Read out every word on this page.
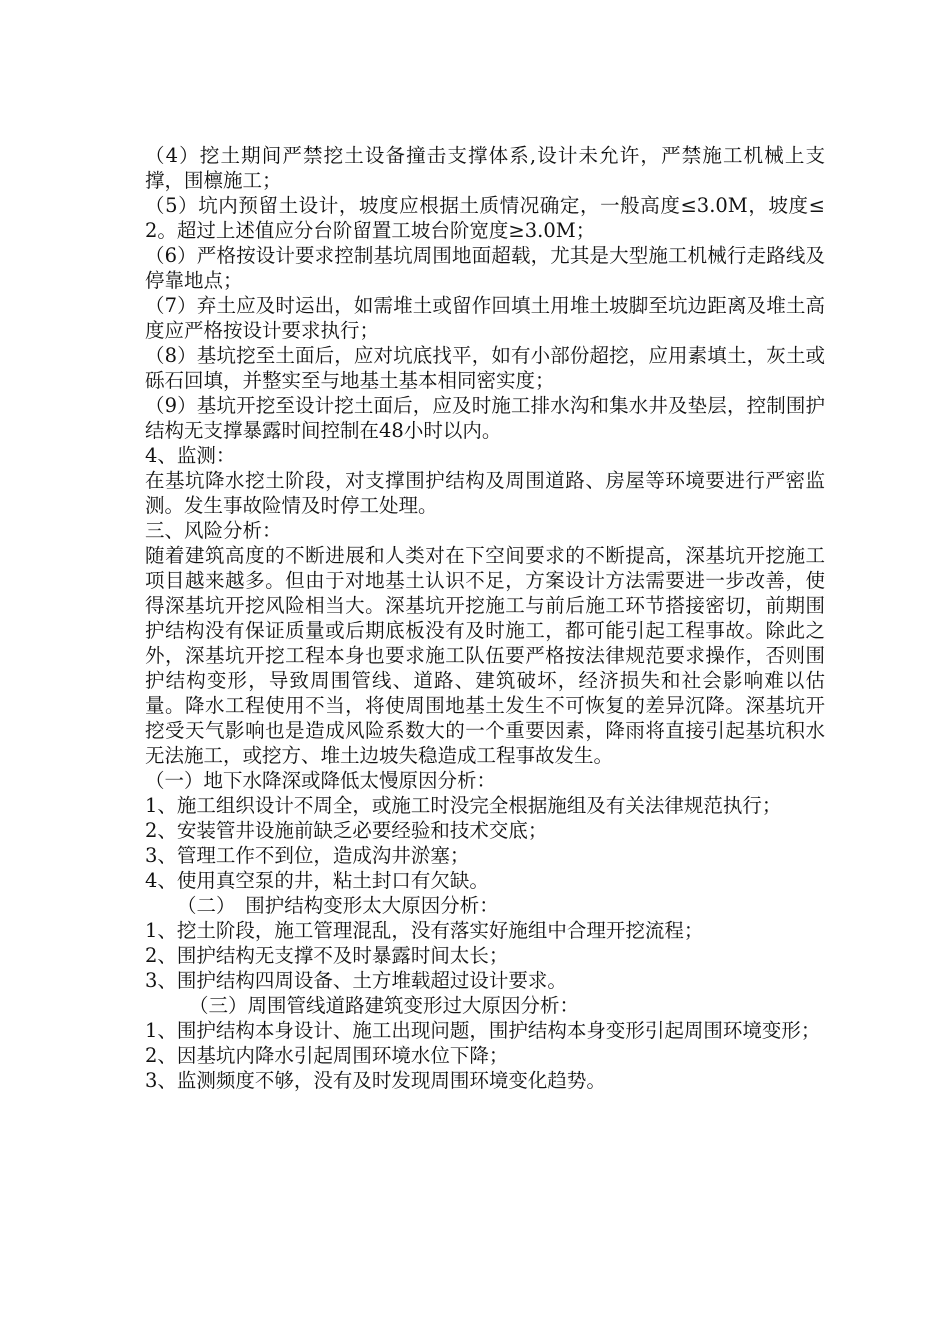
（4）挖土期间严禁挖土设备撞击支撑体系,设计未允许，严禁施工机械上支撑，围檩施工；

（5）坑内预留土设计，坡度应根据土质情况确定，一般高度≤3.0M，坡度≤2。超过上述值应分台阶留置工坡台阶宽度≥3.0M；

（6）严格按设计要求控制基坑周围地面超载，尤其是大型施工机械行走路线及停靠地点；

（7）弃土应及时运出，如需堆土或留作回填土用堆土坡脚至坑边距离及堆土高度应严格按设计要求执行；

（8）基坑挖至土面后，应对坑底找平，如有小部份超挖，应用素填土，灰土或砾石回填，并整实至与地基土基本相同密实度；

（9）基坑开挖至设计挖土面后，应及时施工排水沟和集水井及垫层，控制围护结构无支撑暴露时间控制在48小时以内。

4、监测：

在基坑降水挖土阶段，对支撑围护结构及周围道路、房屋等环境要进行严密监测。发生事故险情及时停工处理。

三、风险分析：

随着建筑高度的不断进展和人类对在下空间要求的不断提高，深基坑开挖施工项目越来越多。但由于对地基土认识不足，方案设计方法需要进一步改善，使得深基坑开挖风险相当大。深基坑开挖施工与前后施工环节搭接密切，前期围护结构没有保证质量或后期底板没有及时施工，都可能引起工程事故。除此之外，深基坑开挖工程本身也要求施工队伍要严格按法律规范要求操作，否则围护结构变形，导致周围管线、道路、建筑破坏，经济损失和社会影响难以估量。降水工程使用不当，将使周围地基土发生不可恢复的差异沉降。深基坑开挖受天气影响也是造成风险系数大的一个重要因素，降雨将直接引起基坑积水无法施工，或挖方、堆土边坡失稳造成工程事故发生。

（一）地下水降深或降低太慢原因分析：

1、施工组织设计不周全，或施工时没完全根据施组及有关法律规范执行；

2、安装管井设施前缺乏必要经验和技术交底；

3、管理工作不到位，造成沟井淤塞；

4、使用真空泵的井，粘土封口有欠缺。

（二）　围护结构变形太大原因分析：

1、挖土阶段，施工管理混乱，没有落实好施组中合理开挖流程；

2、围护结构无支撑不及时暴露时间太长；

3、围护结构四周设备、土方堆载超过设计要求。

（三）周围管线道路建筑变形过大原因分析：

1、围护结构本身设计、施工出现问题，围护结构本身变形引起周围环境变形；

2、因基坑内降水引起周围环境水位下降；

3、监测频度不够，没有及时发现周围环境变化趋势。
